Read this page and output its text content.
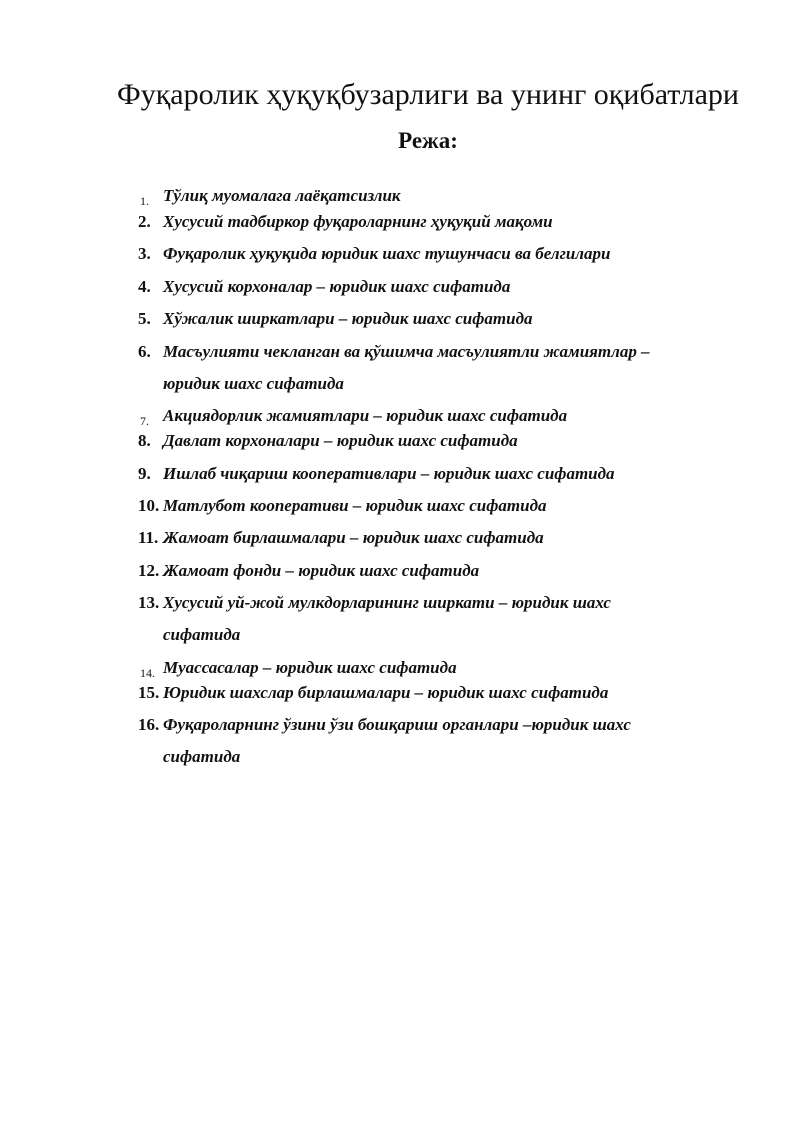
Фуқаролик ҳуқуқбузарлиги ва унинг оқибатлари
Режа:
1. Тўлиқ муомалага лаёқатсизлик
2. Хусусий тадбиркор фуқароларнинг ҳуқуқий мақоми
3. Фуқаролик ҳуқуқида юридик шахс тушунчаси ва белгилари
4. Хусусий корхоналар – юридик шахс сифатида
5. Хўжалик ширкатлари – юридик шахс сифатида
6. Масъулияти чекланган ва қўшимча масъулиятли жамиятлар –
юридик шахс сифатида
7. Акциядорлик жамиятлари – юридик шахс сифатида
8. Давлат корхоналари – юридик шахс сифатида
9. Ишлаб чиқариш кооперативлари – юридик шахс сифатида
10. Матлубот кооперативи – юридик шахс сифатида
11. Жамоат бирлашмалари – юридик шахс сифатида
12. Жамоат фонди – юридик шахс сифатида
13. Хусусий уй-жой мулкдорларининг ширкати – юридик шахс
сифатида
14. Муассасалар – юридик шахс сифатида
15. Юридик шахслар бирлашмалари – юридик шахс сифатида
16. Фуқароларнинг ўзини ўзи бошқариш органлари –юридик шахс
сифатида
